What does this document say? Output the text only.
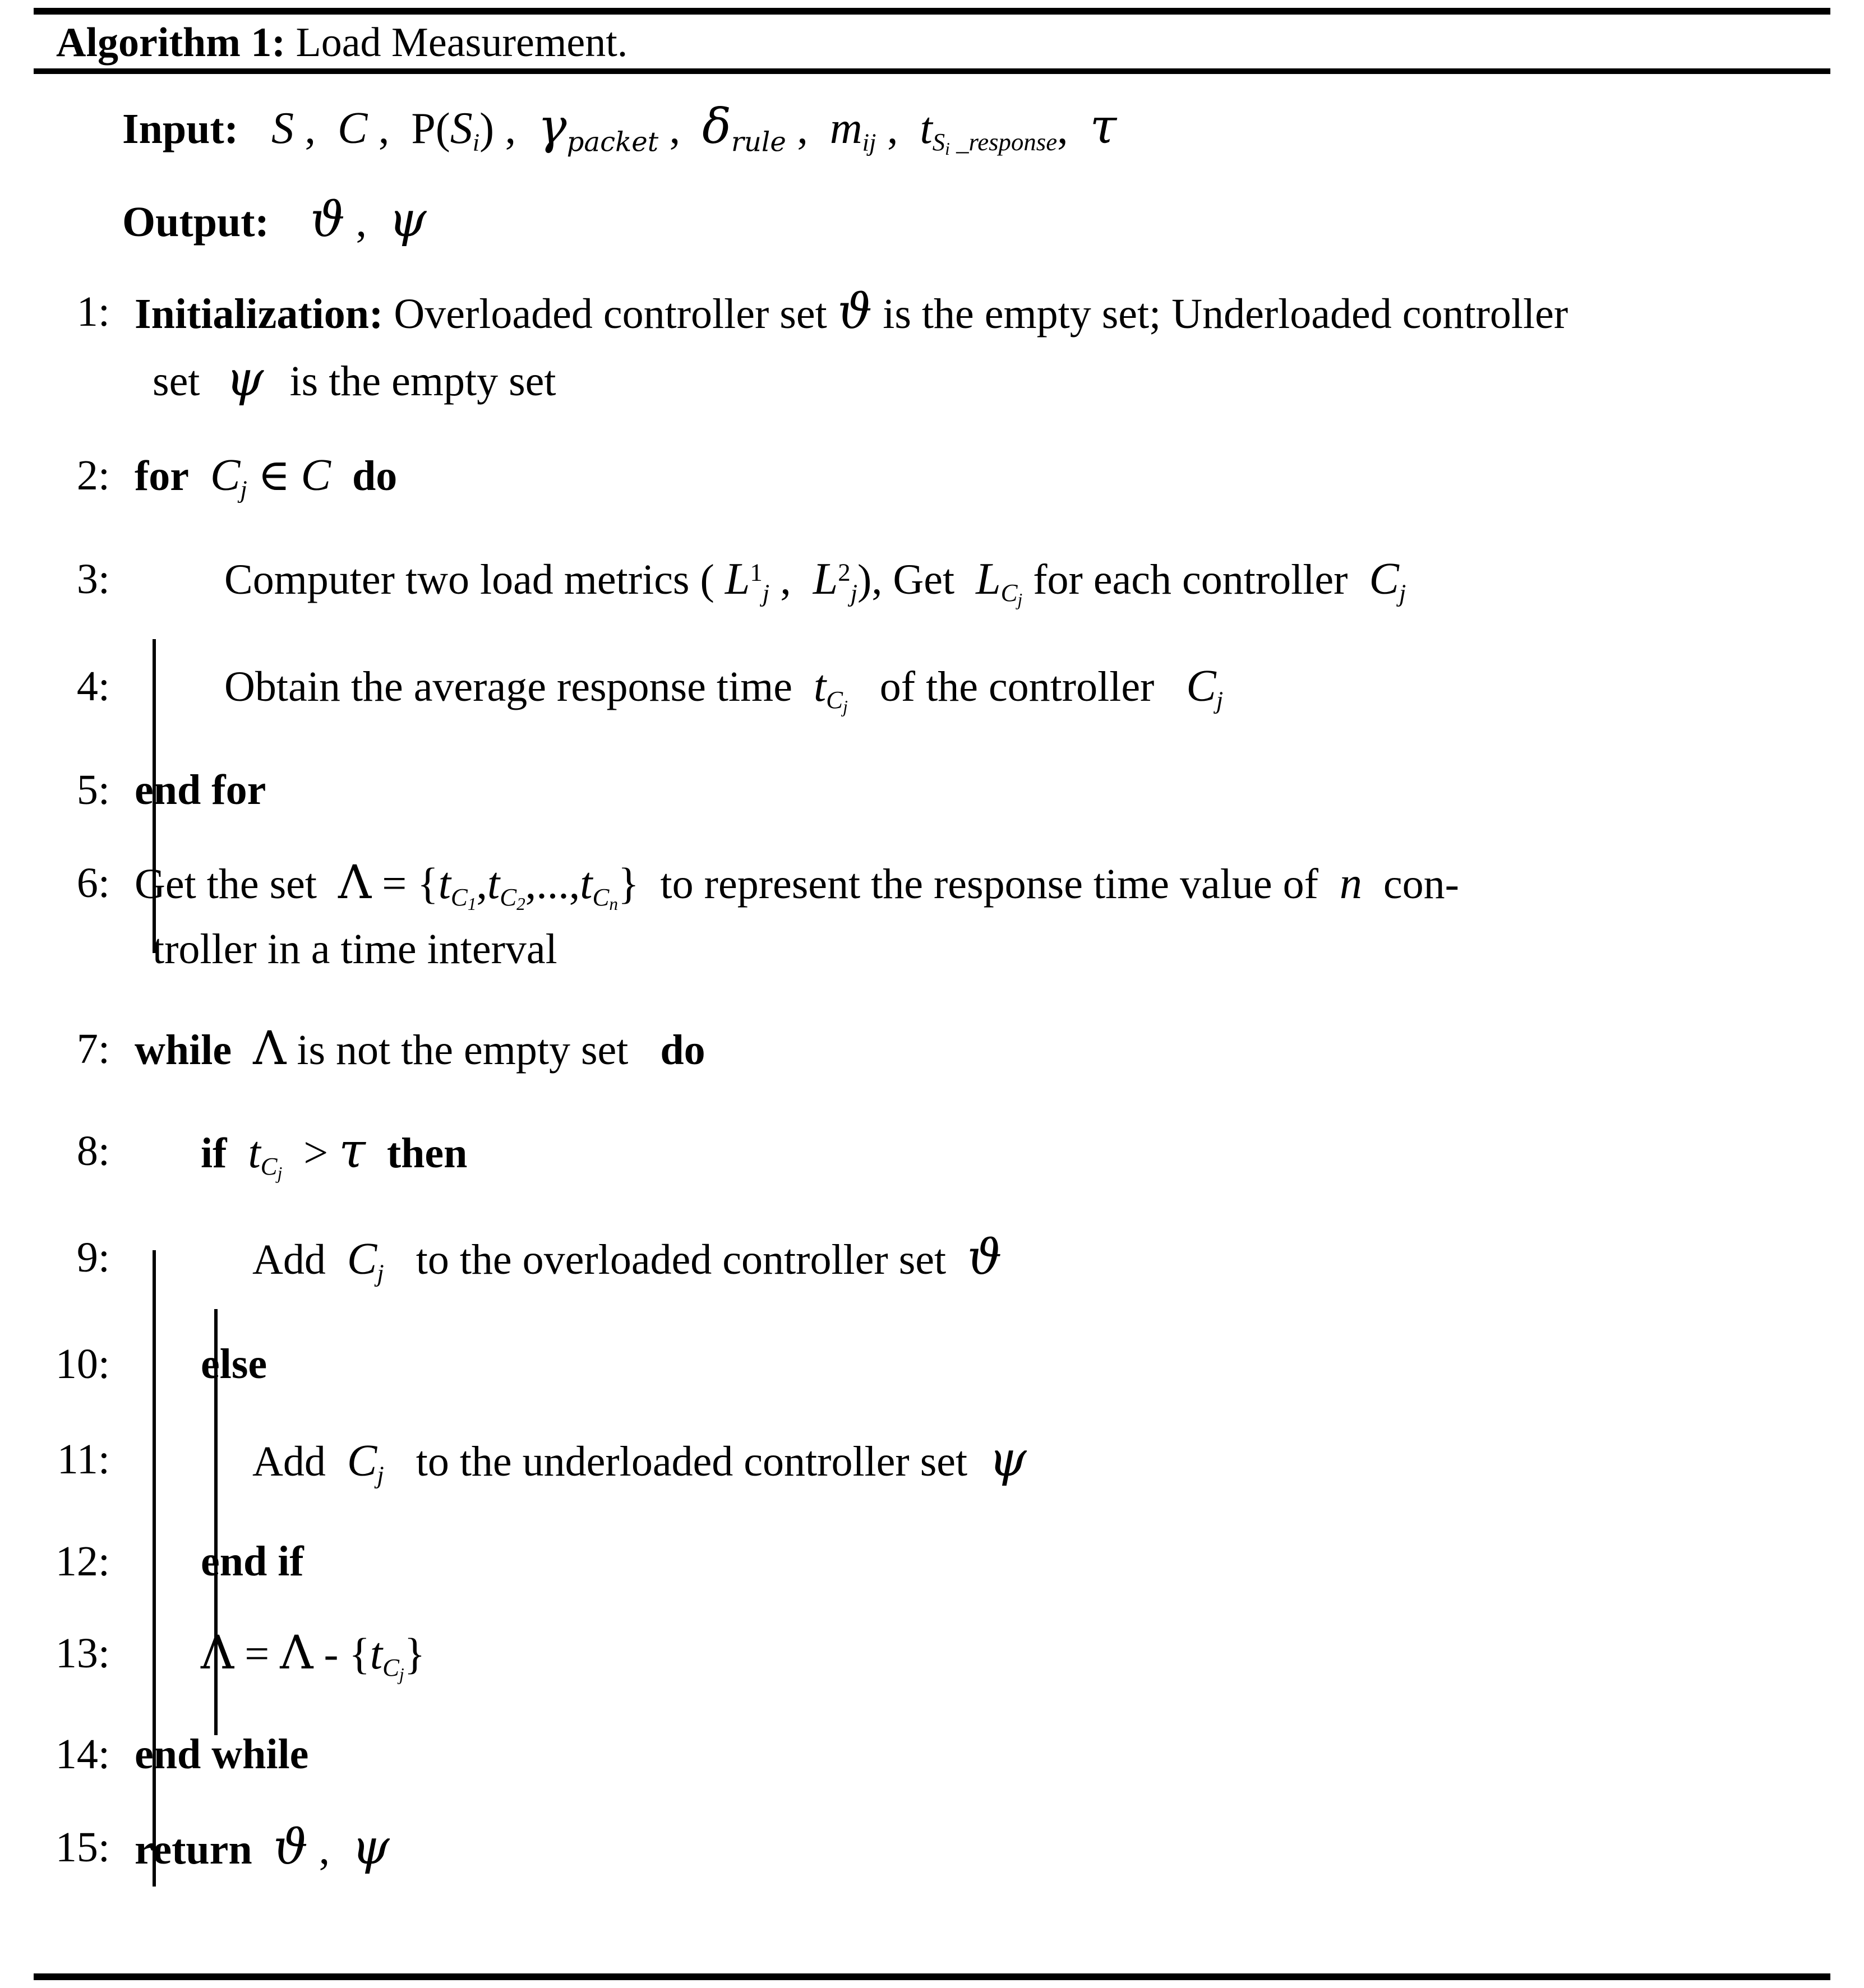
Algorithm 1: Load Measurement.
Input:   S ,  C ,  $P(S_i)$ ,  $\gamma_{packet}$ ,  $\delta_{rule}$ ,  $m_{ij}$ ,  $t_{S_i \_response}$,  τ
Output:   ϑ ,  ψ
1: Initialization: Overloaded controller set ϑ is the empty set; Underloaded controller
set  ψ  is the empty set
2: for $C_j$ ∈ C do
3:	Computer two load metrics ( $L^1_j$ ,  $L^2_j$), Get $L_{C_j}$ for each controller $C_j$
4:	Obtain the average response time $t_{C_j}$ of the controller $C_j$
5: end for
6: Get the set $\Lambda = \{t_{C_1},t_{C_2},...,t_{C_n}\}$ to represent the response time value of n con-
troller in a time interval
7: while Λ is not the empty set do
8: if $t_{C_j} > \tau$ then
9:	Add $C_j$ to the overloaded controller set ϑ
10: else
11:	Add $C_j$ to the underloaded controller set ψ
12: end if
13: $\Lambda = \Lambda - \{t_{C_j}\}$
14: end while
15: return ϑ ,  ψ
